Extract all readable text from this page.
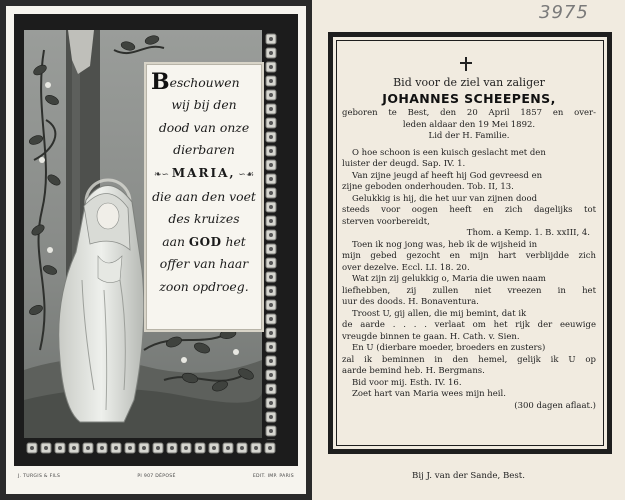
Beschouwen
wij bij den
dood van onze
dierbaren
❧∽ MARIA, ∽☙
die aan den voet
des kruizes
aan GOD het
offer van haar
zoon opdroeg.
J. TURGIS & FILS	PI 907 DÉPOSÉ	EDIT. IMP. PARIS
3975
Bid voor de ziel van zaliger
JOHANNES SCHEEPENS,
geboren te Best, den 20 April 1857 en over-
leden aldaar den 19 Mei 1892.
Lid der H. Familie.
O hoe schoon is een kuisch geslacht met den
luister der deugd. Sap. IV. 1.
Van zijne jeugd af heeft hij God gevreesd en
zijne geboden onderhouden. Tob. II, 13.
Gelukkig is hij, die het uur van zijnen dood
steeds voor oogen heeft en zich dagelijks tot
sterven voorbereidt,
Thom. a Kemp. 1. B. xxIII, 4.
Toen ik nog jong was, heb ik de wijsheid in
mijn gebed gezocht en mijn hart verblijdde zich
over dezelve. Eccl. LI. 18. 20.
Wat zijn zij gelukkig o, Maria die uwen naam
liefhebben, zij zullen niet vreezen in het
uur des doods. H. Bonaventura.
Troost U, gij allen, die mij bemint, dat ik
de aarde . . . . verlaat om het rijk der eeuwige
vreugde binnen te gaan. H. Cath. v. Sien.
En U (dierbare moeder, broeders en zusters)
zal ik beminnen in den hemel, gelijk ik U op
aarde bemind heb. H. Bergmans.
Bid voor mij. Esth. IV. 16.
Zoet hart van Maria wees mijn heil.
(300 dagen aflaat.)
Bij J. van der Sande, Best.
